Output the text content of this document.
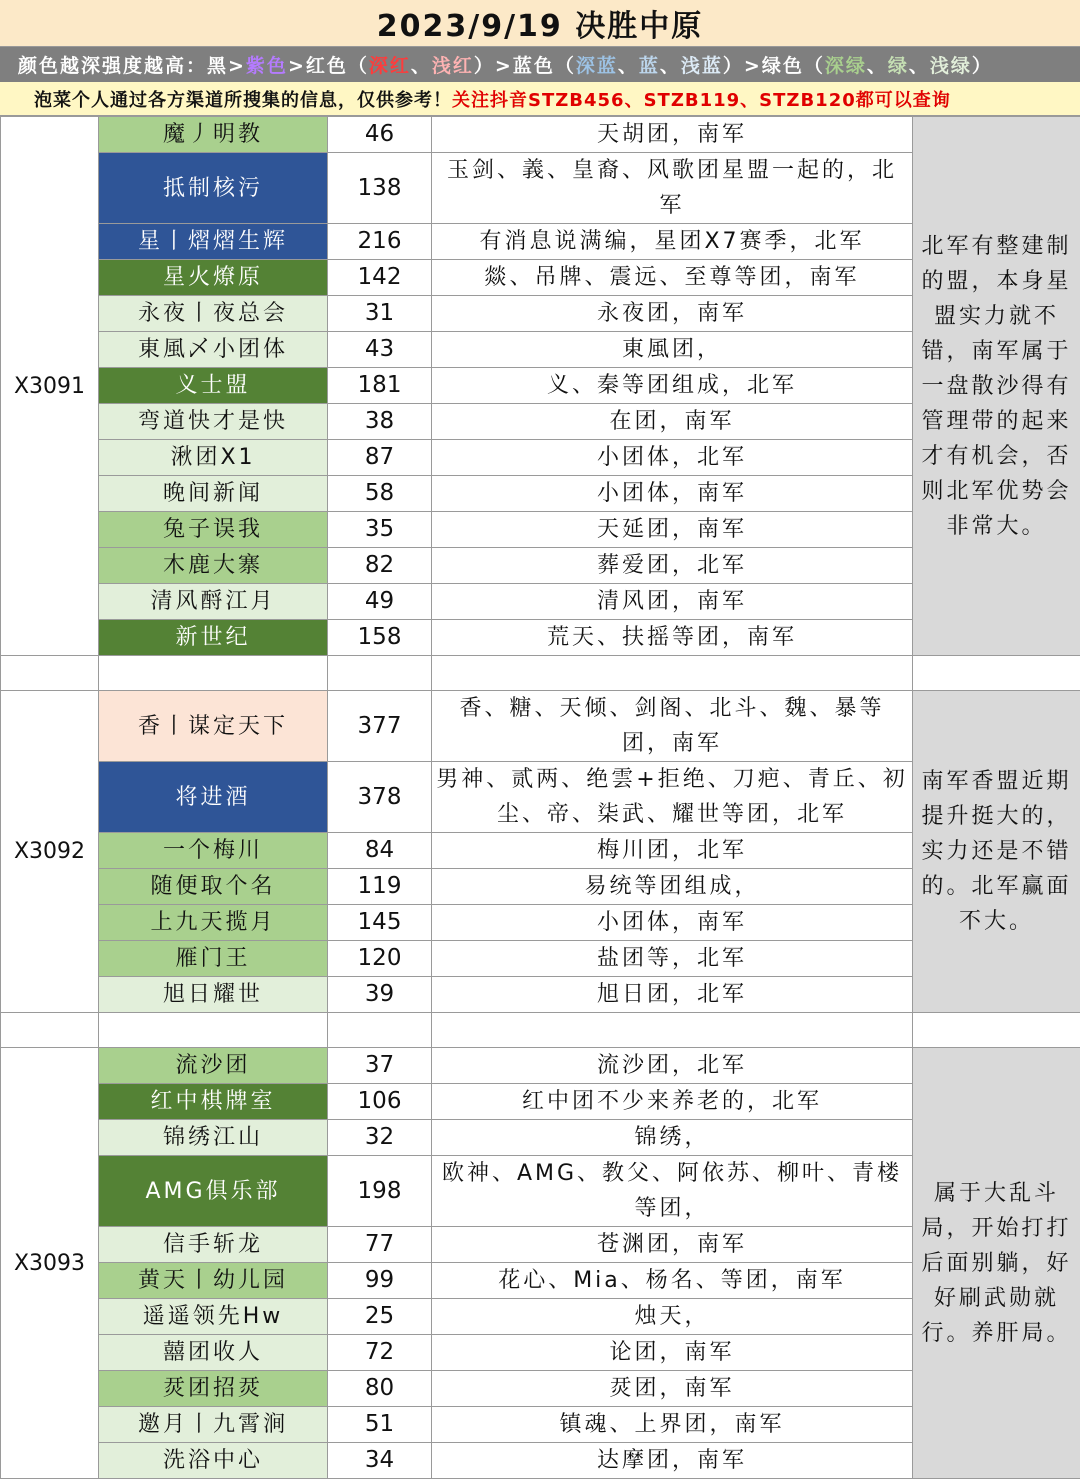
2023/9/19 决胜中原
颜色越深强度越高：黑> 紫色 >红色（ 深红 、 浅红 ）>蓝色（ 深蓝 、 蓝 、 浅蓝 ）>绿色（ 深绿 、 绿 、 浅绿 ）
泡菜个人通过各方渠道所搜集的信息，仅供参考！ 关注抖音STZB456、STZB119、STZB120都可以查询
X3091	魔丿明教	46	天胡团，南军	北军有整建制的盟，本身星盟实力就不错，南军属于一盘散沙得有管理带的起来才有机会，否则北军优势会非常大。
	抵制核污	138	玉剑、義、皇裔、风歌团星盟一起的，北军	
	星丨熠熠生辉	216	有消息说满编，星团X7赛季，北军	
	星火燎原	142	燚、吊牌、震远、至尊等团，南军	
	永夜丨夜总会	31	永夜团，南军	
	東風乄小团体	43	東風团，	
	义士盟	181	义、秦等团组成，北军	
	弯道快才是快	38	在团，南军	
	湫团X1	87	小团体，北军	
	晚间新闻	58	小团体，南军	
	兔子误我	35	天延团，南军	
	木鹿大寨	82	葬爱团，北军	
	清风酹江月	49	清风团，南军	
	新世纪	158	荒天、扶摇等团，南军	

X3092	香丨谋定天下	377	香、糖、天倾、剑阁、北斗、魏、暴等团，南军	南军香盟近期提升挺大的，实力还是不错的。北军赢面不大。
	将进酒	378	男神、贰两、绝雲+拒绝、刀疤、青丘、初尘、帝、柒武、耀世等团，北军	
	一个梅川	84	梅川团，北军	
	随便取个名	119	易统等团组成，	
	上九天揽月	145	小团体，南军	
	雁门王	120	盐团等，北军	
	旭日耀世	39	旭日团，北军	

X3093	流沙团	37	流沙团，北军	属于大乱斗局，开始打打后面别躺，好好刷武勋就行。养肝局。
	红中棋牌室	106	红中团不少来养老的，北军	
	锦绣江山	32	锦绣，	
	AMG俱乐部	198	欧神、AMG、教父、阿依苏、柳叶、青楼等团，	
	信手斩龙	77	苍渊团，南军	
	黄天丨幼儿园	99	花心、Mia、杨名、等团，南军	
	遥遥领先Hw	25	烛天，	
	囍团收人	72	论团，南军	
	烎团招烎	80	烎团，南军	
	邀月丨九霄涧	51	镇魂、上界团，南军	
	洗浴中心	34	达摩团，南军	
